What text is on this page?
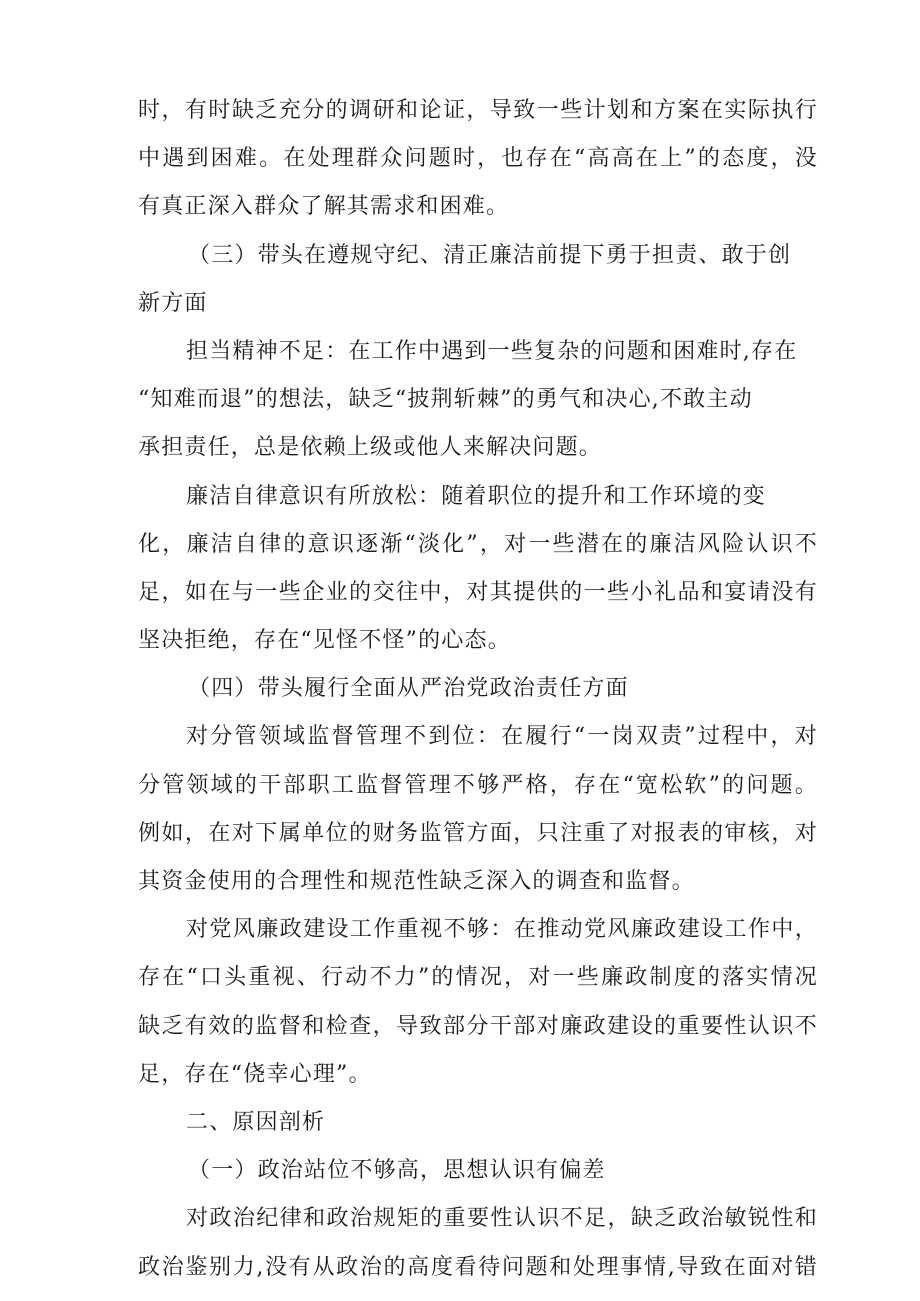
时，有时缺乏充分的调研和论证，导致一些计划和方案在实际执行
中遇到困难。在处理群众问题时，也存在“高高在上”的态度，没
有真正深入群众了解其需求和困难。
（三）带头在遵规守纪、清正廉洁前提下勇于担责、敢于创
新方面
担当精神不足：在工作中遇到一些复杂的问题和困难时,存在
“知难而退”的想法，缺乏“披荆斩棘”的勇气和决心,不敢主动
承担责任，总是依赖上级或他人来解决问题。
廉洁自律意识有所放松：随着职位的提升和工作环境的变
化，廉洁自律的意识逐渐“淡化”，对一些潜在的廉洁风险认识不
足，如在与一些企业的交往中，对其提供的一些小礼品和宴请没有
坚决拒绝，存在“见怪不怪”的心态。
（四）带头履行全面从严治党政治责任方面
对分管领域监督管理不到位：在履行“一岗双责”过程中，对
分管领域的干部职工监督管理不够严格，存在“宽松软”的问题。
例如，在对下属单位的财务监管方面，只注重了对报表的审核，对
其资金使用的合理性和规范性缺乏深入的调查和监督。
对党风廉政建设工作重视不够：在推动党风廉政建设工作中，
存在“口头重视、行动不力”的情况，对一些廉政制度的落实情况
缺乏有效的监督和检查，导致部分干部对廉政建设的重要性认识不
足，存在“侥幸心理”。
二、原因剖析
（一）政治站位不够高，思想认识有偏差
对政治纪律和政治规矩的重要性认识不足，缺乏政治敏锐性和
政治鉴别力,没有从政治的高度看待问题和处理事情,导致在面对错
